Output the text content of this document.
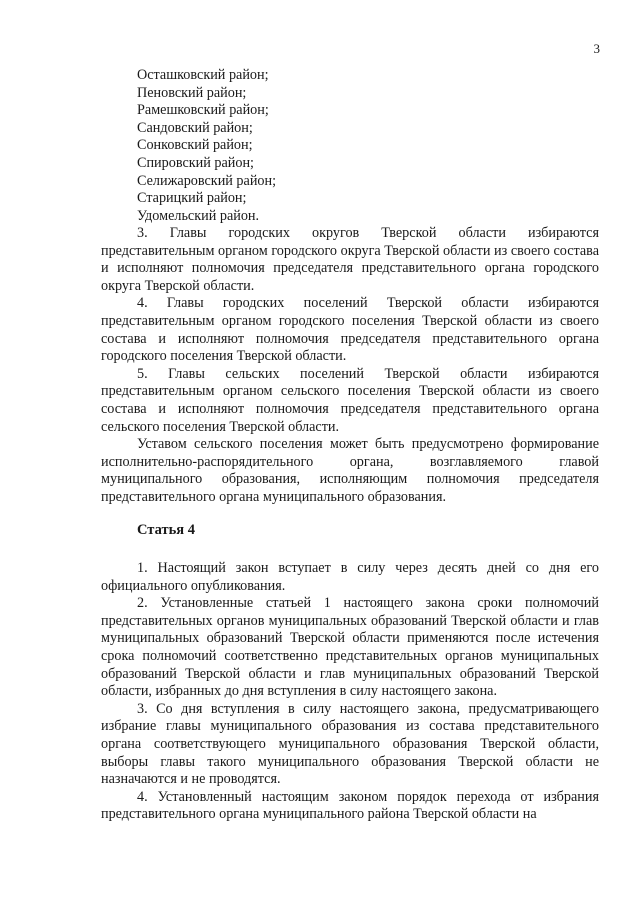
3
Осташковский район;
Пеновский район;
Рамешковский район;
Сандовский район;
Сонковский район;
Спировский район;
Селижаровский район;
Старицкий район;
Удомельский район.

3. Главы городских округов Тверской области избираются представительным органом городского округа Тверской области из своего состава и исполняют полномочия председателя представительного органа городского округа Тверской области.

4. Главы городских поселений Тверской области избираются представительным органом городского поселения Тверской области из своего состава и исполняют полномочия председателя представительного органа городского поселения Тверской области.

5. Главы сельских поселений Тверской области избираются представительным органом сельского поселения Тверской области из своего состава и исполняют полномочия председателя представительного органа сельского поселения Тверской области.

Уставом сельского поселения может быть предусмотрено формирование исполнительно-распорядительного органа, возглавляемого главой муниципального образования, исполняющим полномочия председателя представительного органа муниципального образования.

Статья 4

1. Настоящий закон вступает в силу через десять дней со дня его официального опубликования.

2. Установленные статьей 1 настоящего закона сроки полномочий представительных органов муниципальных образований Тверской области и глав муниципальных образований Тверской области применяются после истечения срока полномочий соответственно представительных органов муниципальных образований Тверской области и глав муниципальных образований Тверской области, избранных до дня вступления в силу настоящего закона.

3. Со дня вступления в силу настоящего закона, предусматривающего избрание главы муниципального образования из состава представительного органа соответствующего муниципального образования Тверской области, выборы главы такого муниципального образования Тверской области не назначаются и не проводятся.

4. Установленный настоящим законом порядок перехода от избрания представительного органа муниципального района Тверской области на
